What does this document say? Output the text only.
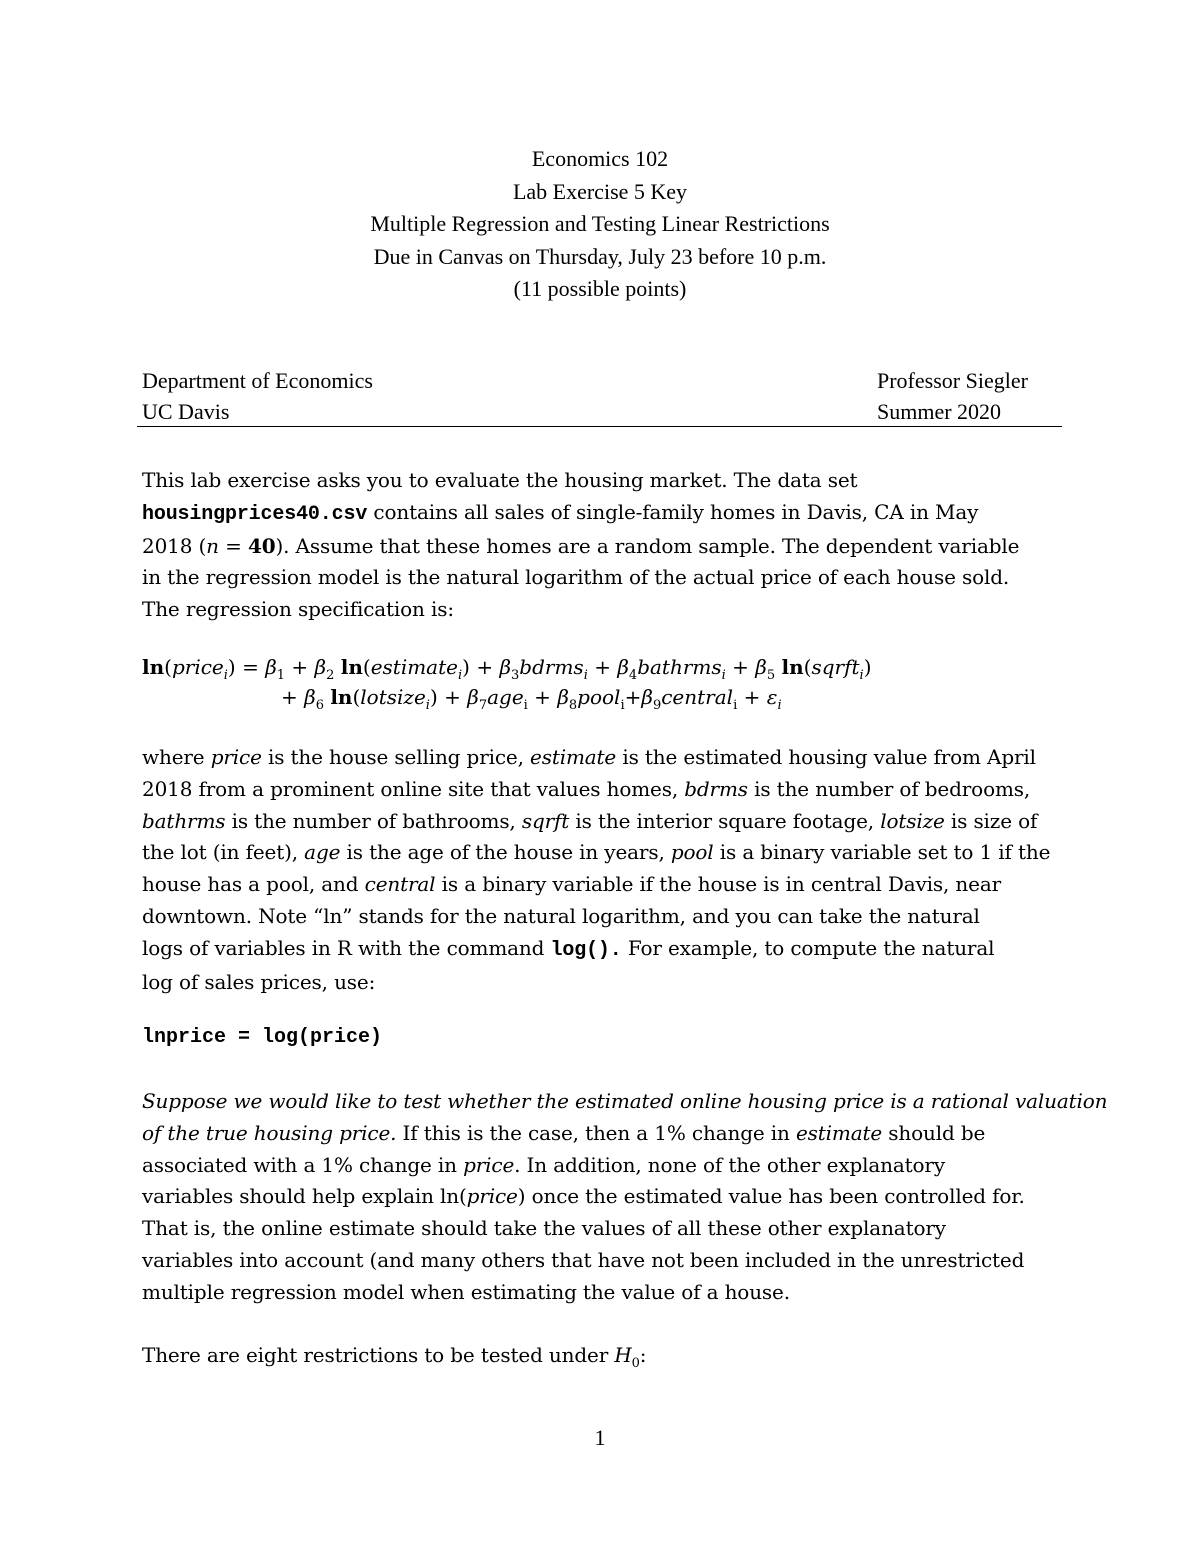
Economics 102
Lab Exercise 5 Key
Multiple Regression and Testing Linear Restrictions
Due in Canvas on Thursday, July 23 before 10 p.m.
(11 possible points)
Department of Economics
UC Davis
Professor Siegler
Summer 2020
This lab exercise asks you to evaluate the housing market. The data set
housingprices40.csv contains all sales of single-family homes in Davis, CA in May
2018 (n = 40). Assume that these homes are a random sample. The dependent variable
in the regression model is the natural logarithm of the actual price of each house sold.
The regression specification is:
ln(price$_i$) = $\beta_1 + \beta_2$ ln(estimate$_i$) + $\beta_3bdrms_i$ + $\beta_4bathrms_i + \beta_5$ ln(sqrft$_i$)
+ $\beta_6$ ln(lotsize$_i$) + $\beta_7age_i$ + $\beta_8pool_i+\beta_9central_i + \varepsilon_i$
where price is the house selling price, estimate is the estimated housing value from April
2018 from a prominent online site that values homes, bdrms is the number of bedrooms,
bathrms is the number of bathrooms, sqrft is the interior square footage, lotsize is size of
the lot (in feet), age is the age of the house in years, pool is a binary variable set to 1 if the
house has a pool, and central is a binary variable if the house is in central Davis, near
downtown. Note “ln” stands for the natural logarithm, and you can take the natural
logs of variables in R with the command log(). For example, to compute the natural
log of sales prices, use:
lnprice = log(price)
Suppose we would like to test whether the estimated online housing price is a rational valuation
of the true housing price. If this is the case, then a 1% change in estimate should be
associated with a 1% change in price. In addition, none of the other explanatory
variables should help explain ln(price) once the estimated value has been controlled for.
That is, the online estimate should take the values of all these other explanatory
variables into account (and many others that have not been included in the unrestricted
multiple regression model when estimating the value of a house.
There are eight restrictions to be tested under $H_0$:
1
